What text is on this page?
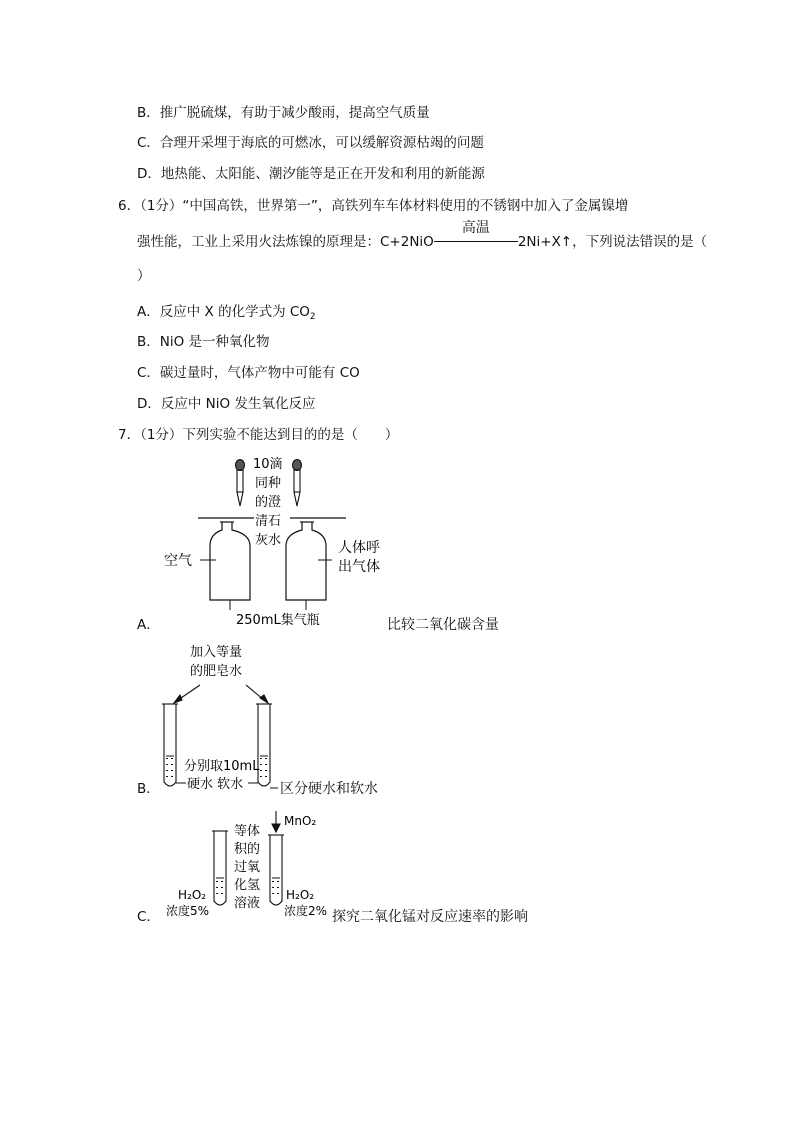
B．推广脱硫煤，有助于减少酸雨，提高空气质量
C．合理开采埋于海底的可燃冰，可以缓解资源枯竭的问题
D．地热能、太阳能、潮汐能等是正在开发和利用的新能源
6．（1分）“中国高铁，世界第一”，高铁列车车体材料使用的不锈钢中加入了金属镍增
强性能，工业上采用火法炼镍的原理是：C+2NiO
高温
2Ni+X↑，下列说法错误的是（
）
A．反应中 X 的化学式为 $CO_2$
B．NiO 是一种氧化物
C．碳过量时，气体产物中可能有 CO
D．反应中 NiO 发生氧化反应
7．（1分）下列实验不能达到目的的是（　　）
10滴 同种 的澄 清石 灰水
空气
人体呼 出气体
250mL集气瓶
A．	比较二氧化碳含量
加入等量 的肥皂水
分别取10mL
硬水 软水
B．	区分硬水和软水
MnO₂
等体 积的 过氧 化氢 溶液
H₂O₂ 浓度5%
H₂O₂ 浓度2%
C．	探究二氧化锰对反应速率的影响
